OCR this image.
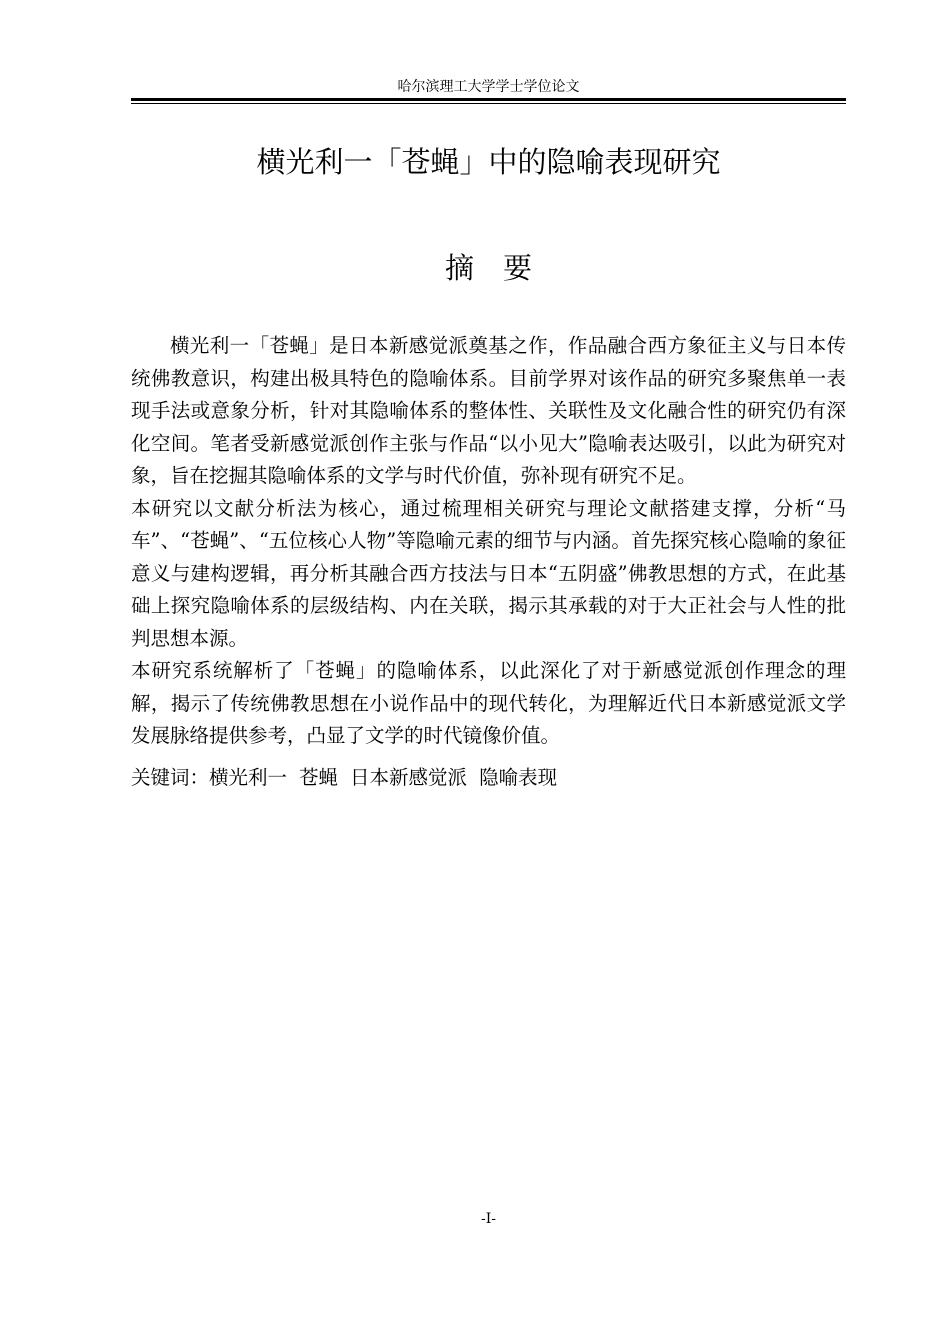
哈尔滨理工大学学士学位论文
横光利一「苍蝇」中的隐喻表现研究
摘　要

横光利一「苍蝇」是日本新感觉派奠基之作，作品融合西方象征主义与日本传统佛教意识，构建出极具特色的隐喻体系。目前学界对该作品的研究多聚焦单一表现手法或意象分析，针对其隐喻体系的整体性、关联性及文化融合性的研究仍有深化空间。笔者受新感觉派创作主张与作品“以小见大”隐喻表达吸引，以此为研究对象，旨在挖掘其隐喻体系的文学与时代价值，弥补现有研究不足。

本研究以文献分析法为核心，通过梳理相关研究与理论文献搭建支撑，分析“马车”、“苍蝇”、“五位核心人物”等隐喻元素的细节与内涵。首先探究核心隐喻的象征意义与建构逻辑，再分析其融合西方技法与日本“五阴盛”佛教思想的方式，在此基础上探究隐喻体系的层级结构、内在关联，揭示其承载的对于大正社会与人性的批判思想本源。

本研究系统解析了「苍蝇」的隐喻体系，以此深化了对于新感觉派创作理念的理解，揭示了传统佛教思想在小说作品中的现代转化，为理解近代日本新感觉派文学发展脉络提供参考，凸显了文学的时代镜像价值。

关键词：横光利一 苍蝇 日本新感觉派 隐喻表现
-I-
